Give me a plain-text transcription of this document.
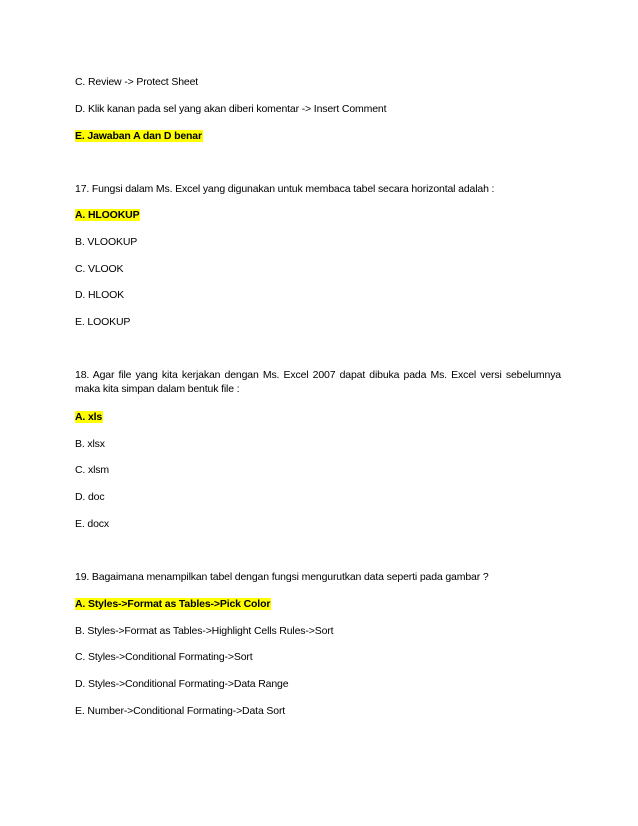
C. Review -> Protect Sheet
D. Klik kanan pada sel yang akan diberi komentar -> Insert Comment
E. Jawaban A dan D benar
17. Fungsi dalam Ms. Excel yang digunakan untuk membaca tabel secara horizontal adalah :
A. HLOOKUP
B. VLOOKUP
C. VLOOK
D. HLOOK
E. LOOKUP
18. Agar file yang kita kerjakan dengan Ms. Excel 2007 dapat dibuka pada Ms. Excel versi sebelumnya maka kita simpan dalam bentuk file :
A. xls
B. xlsx
C. xlsm
D. doc
E. docx
19. Bagaimana menampilkan tabel dengan fungsi mengurutkan data seperti pada gambar ?
A. Styles->Format as Tables->Pick Color
B. Styles->Format as Tables->Highlight Cells Rules->Sort
C. Styles->Conditional Formating->Sort
D. Styles->Conditional Formating->Data Range
E. Number->Conditional Formating->Data Sort
